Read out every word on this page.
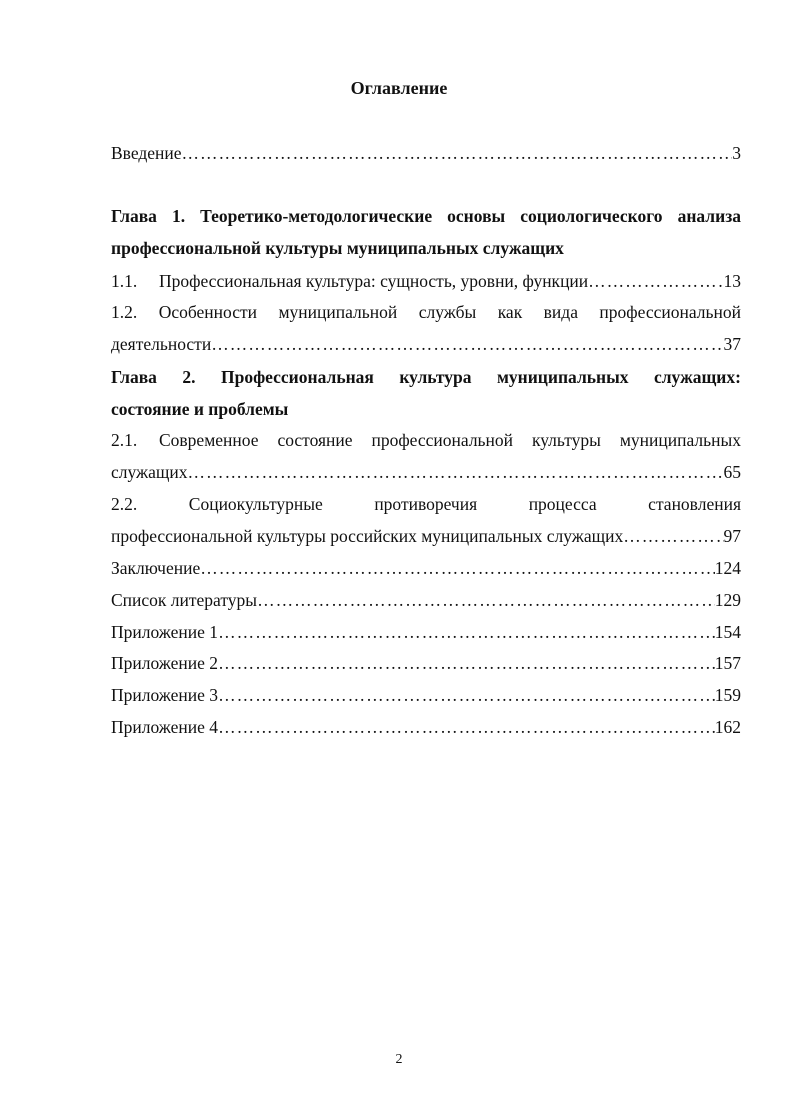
Оглавление
Введение …………………………………………………………………………………………………………………………………………………………………………	3
Глава 1. Теоретико-методологические основы социологического анализа
профессиональной культуры муниципальных служащих
1.1. Профессиональная культура: сущность, уровни, функции …………………………………………………………………………………………………………………………………………………………………………	13
1.2. Особенности муниципальной службы как вида профессиональной
деятельности …………………………………………………………………………………………………………………………………………………………………………	37
Глава 2. Профессиональная культура муниципальных служащих:
состояние и проблемы
2.1.	Современное состояние профессиональной культуры муниципальных
служащих …………………………………………………………………………………………………………………………………………………………………………	65
2.2.	Социокультурные	противоречия	процесса	становления
профессиональной культуры российских муниципальных служащих …………………………………………………………………………………………………………………………………………………………………………	97
Заключение …………………………………………………………………………………………………………………………………………………………………………	124
Список литературы …………………………………………………………………………………………………………………………………………………………………………	129
Приложение 1 …………………………………………………………………………………………………………………………………………………………………………	154
Приложение 2 …………………………………………………………………………………………………………………………………………………………………………	157
Приложение 3 …………………………………………………………………………………………………………………………………………………………………………	159
Приложение 4 …………………………………………………………………………………………………………………………………………………………………………	162
2
